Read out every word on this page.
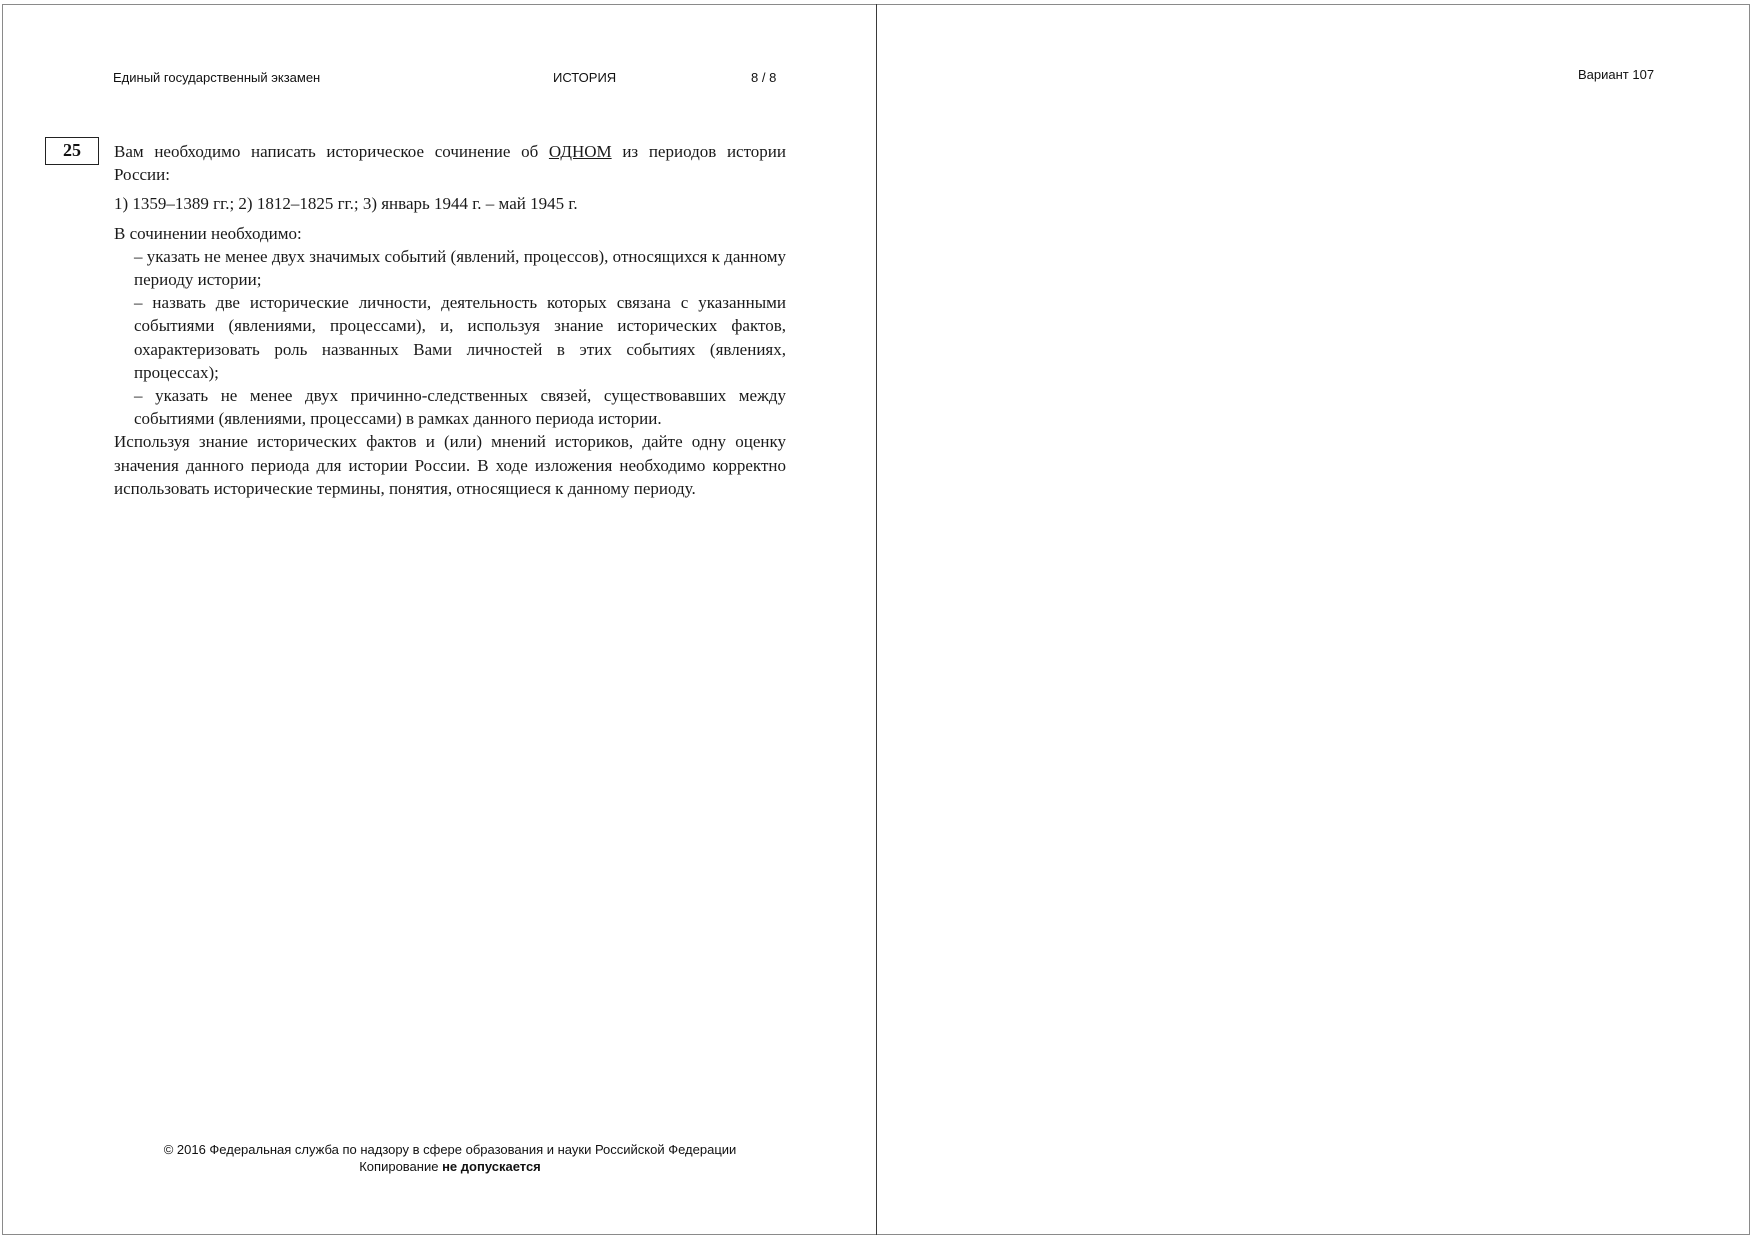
Единый государственный экзамен	ИСТОРИЯ	8 / 8	Вариант 107
25	Вам необходимо написать историческое сочинение об ОДНОМ из периодов истории России:

1) 1359–1389 гг.; 2) 1812–1825 гг.; 3) январь 1944 г. – май 1945 г.

В сочинении необходимо:

– указать не менее двух значимых событий (явлений, процессов), относящихся к данному периоду истории;

– назвать две исторические личности, деятельность которых связана с указанными событиями (явлениями, процессами), и, используя знание исторических фактов, охарактеризовать роль названных Вами личностей в этих событиях (явлениях, процессах);

– указать не менее двух причинно-следственных связей, существовавших между событиями (явлениями, процессами) в рамках данного периода истории.

Используя знание исторических фактов и (или) мнений историков, дайте одну оценку значения данного периода для истории России. В ходе изложения необходимо корректно использовать исторические термины, понятия, относящиеся к данному периоду.

© 2016 Федеральная служба по надзору в сфере образования и науки Российской Федерации
Копирование не допускается
